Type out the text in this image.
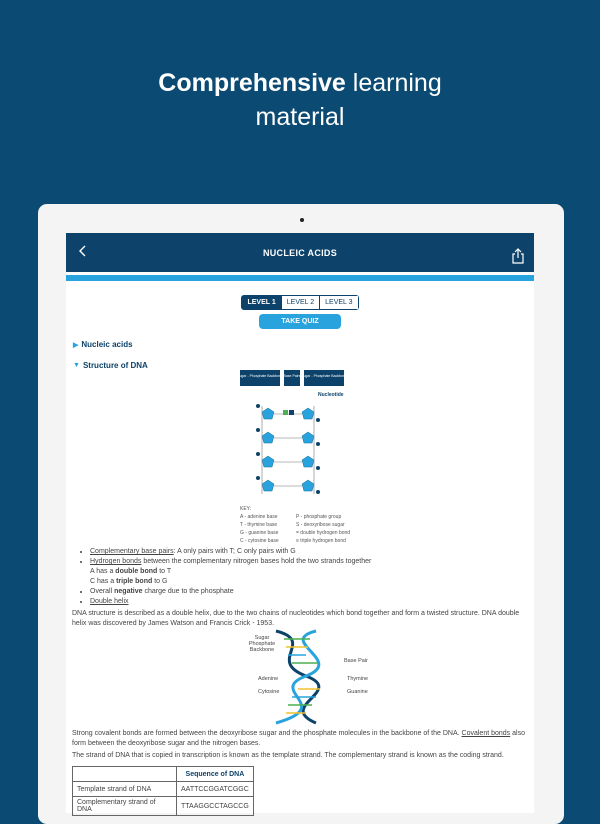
Comprehensive learning
material
NUCLEIC ACIDS
LEVEL 1	LEVEL 2	LEVEL 3
TAKE QUIZ
▶ Nucleic acids
▼ Structure of DNA
Sugar - Phosphate Backbone Base Pairs Sugar - Phosphate Backbone
Nucleotide
KEY:
A - adenine base
T - thymine base
G - guanine base
C - cytosine base
P - phosphate group
S - deoxyribose sugar
= double hydrogen bond
≡ triple hydrogen bond
• Complementary base pairs: A only pairs with T; C only pairs with G
• Hydrogen bonds between the complementary nitrogen bases hold the two strands together
A has a double bond to T
C has a triple bond to G
• Overall negative charge due to the phosphate
• Double helix
DNA structure is described as a double helix, due to the two chains of nucleotides which bond together and form a twisted structure. DNA double helix was discovered by James Watson and Francis Crick - 1953.
Sugar Phosphate Backbone
Base Pair
Adenine	Thymine
Cytosine	Guanine
Strong covalent bonds are formed between the deoxyribose sugar and the phosphate molecules in the backbone of the DNA. Covalent bonds also form between the deoxyribose sugar and the nitrogen bases.
The strand of DNA that is copied in transcription is known as the template strand. The complementary strand is known as the coding strand.
	Sequence of DNA
Template strand of DNA	AATTCCGGATCGGC
Complementary strand of DNA	TTAAGGCCTAGCCG
